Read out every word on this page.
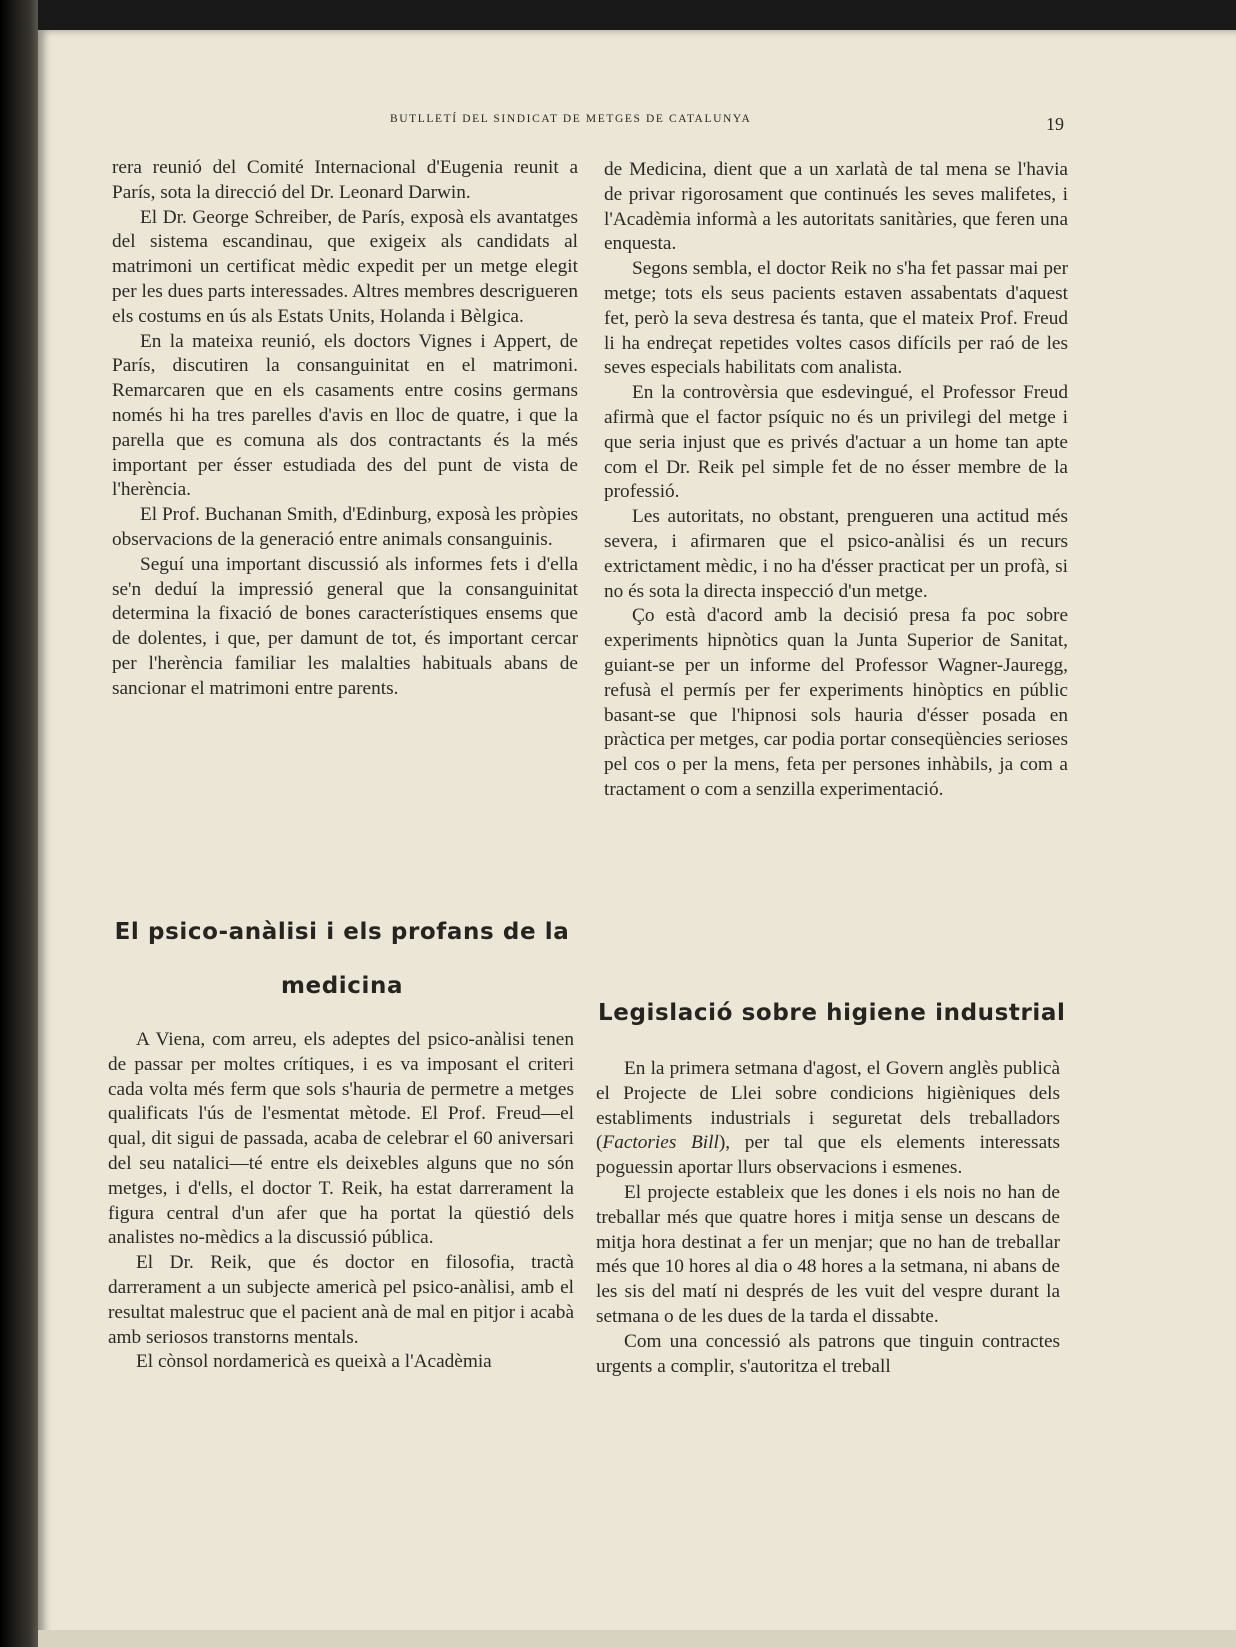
BUTLLETÍ DEL SINDICAT DE METGES DE CATALUNYA	19

rera reunió del Comité Internacional d'Eugenia reunit a París, sota la direcció del Dr. Leonard Darwin.

El Dr. George Schreiber, de París, exposà els avantatges del sistema escandinau, que exigeix als candidats al matrimoni un certificat mèdic expedit per un metge elegit per les dues parts interessades. Altres membres descrigueren els costums en ús als Estats Units, Holanda i Bèlgica.

En la mateixa reunió, els doctors Vignes i Appert, de París, discutiren la consanguinitat en el matrimoni. Remarcaren que en els casaments entre cosins germans només hi ha tres parelles d'avis en lloc de quatre, i que la parella que es comuna als dos contractants és la més important per ésser estudiada des del punt de vista de l'herència.

El Prof. Buchanan Smith, d'Edinburg, exposà les pròpies observacions de la generació entre animals consanguinis.

Seguí una important discussió als informes fets i d'ella se'n deduí la impressió general que la consanguinitat determina la fixació de bones característiques ensems que de dolentes, i que, per damunt de tot, és important cercar per l'herència familiar les malalties habituals abans de sancionar el matrimoni entre parents.

El psico-anàlisi i els profans de la
medicina

A Viena, com arreu, els adeptes del psico-anàlisi tenen de passar per moltes crítiques, i es va imposant el criteri cada volta més ferm que sols s'hauria de permetre a metges qualificats l'ús de l'esmentat mètode. El Prof. Freud—el qual, dit sigui de passada, acaba de celebrar el 60 aniversari del seu natalici—té entre els deixebles alguns que no són metges, i d'ells, el doctor T. Reik, ha estat darrerament la figura central d'un afer que ha portat la qüestió dels analistes no-mèdics a la discussió pública.

El Dr. Reik, que és doctor en filosofia, tractà darrerament a un subjecte americà pel psico-anàlisi, amb el resultat malestruc que el pacient anà de mal en pitjor i acabà amb seriosos transtorns mentals.

El cònsol nordamericà es queixà a l'Acadèmia

de Medicina, dient que a un xarlatà de tal mena se l'havia de privar rigorosament que continués les seves malifetes, i l'Acadèmia informà a les autoritats sanitàries, que feren una enquesta.

Segons sembla, el doctor Reik no s'ha fet passar mai per metge; tots els seus pacients estaven assabentats d'aquest fet, però la seva destresa és tanta, que el mateix Prof. Freud li ha endreçat repetides voltes casos difícils per raó de les seves especials habilitats com analista.

En la controvèrsia que esdevingué, el Professor Freud afirmà que el factor psíquic no és un privilegi del metge i que seria injust que es privés d'actuar a un home tan apte com el Dr. Reik pel simple fet de no ésser membre de la professió.

Les autoritats, no obstant, prengueren una actitud més severa, i afirmaren que el psico-anàlisi és un recurs extrictament mèdic, i no ha d'ésser practicat per un profà, si no és sota la directa inspecció d'un metge.

Ço està d'acord amb la decisió presa fa poc sobre experiments hipnòtics quan la Junta Superior de Sanitat, guiant-se per un informe del Professor Wagner-Jauregg, refusà el permís per fer experiments hinòptics en públic basant-se que l'hipnosi sols hauria d'ésser posada en pràctica per metges, car podia portar conseqüències serioses pel cos o per la mens, feta per persones inhàbils, ja com a tractament o com a senzilla experimentació.

Legislació sobre higiene industrial

En la primera setmana d'agost, el Govern anglès publicà el Projecte de Llei sobre condicions higièniques dels establiments industrials i seguretat dels treballadors (Factories Bill), per tal que els elements interessats poguessin aportar llurs observacions i esmenes.

El projecte estableix que les dones i els nois no han de treballar més que quatre hores i mitja sense un descans de mitja hora destinat a fer un menjar; que no han de treballar més que 10 hores al dia o 48 hores a la setmana, ni abans de les sis del matí ni després de les vuit del vespre durant la setmana o de les dues de la tarda el dissabte.

Com una concessió als patrons que tinguin contractes urgents a complir, s'autoritza el treball
